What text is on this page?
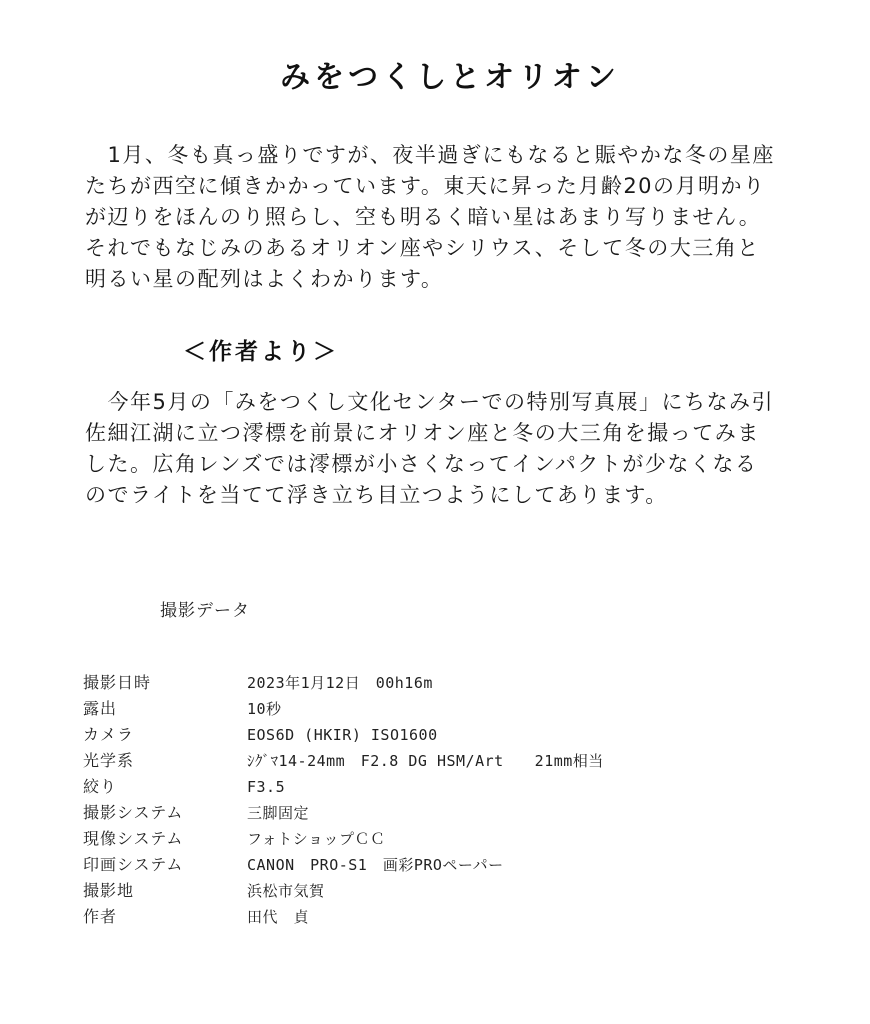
みをつくしとオリオン

　1月、冬も真っ盛りですが、夜半過ぎにもなると賑やかな冬の星座
たちが西空に傾きかかっています。東天に昇った月齢20の月明かり
が辺りをほんのり照らし、空も明るく暗い星はあまり写りません。
それでもなじみのあるオリオン座やシリウス、そして冬の大三角と
明るい星の配列はよくわかります。

＜作者より＞

　今年5月の「みをつくし文化センターでの特別写真展」にちなみ引
佐細江湖に立つ澪標を前景にオリオン座と冬の大三角を撮ってみま
した。広角レンズでは澪標が小さくなってインパクトが少なくなる
のでライトを当てて浮き立ち目立つようにしてあります。

撮影データ
撮影日時	2023年1月12日　00h16m
露出	10秒
カメラ	EOS6D (HKIR) ISO1600
光学系	ｼｸﾞﾏ14-24mm　F2.8 DG HSM/Art　　21mm相当
絞り	F3.5
撮影システム	三脚固定
現像システム	フォトショップＣＣ
印画システム	CANON　PRO-S1　画彩PROペーパー
撮影地	浜松市気賀
作者	田代　貞
